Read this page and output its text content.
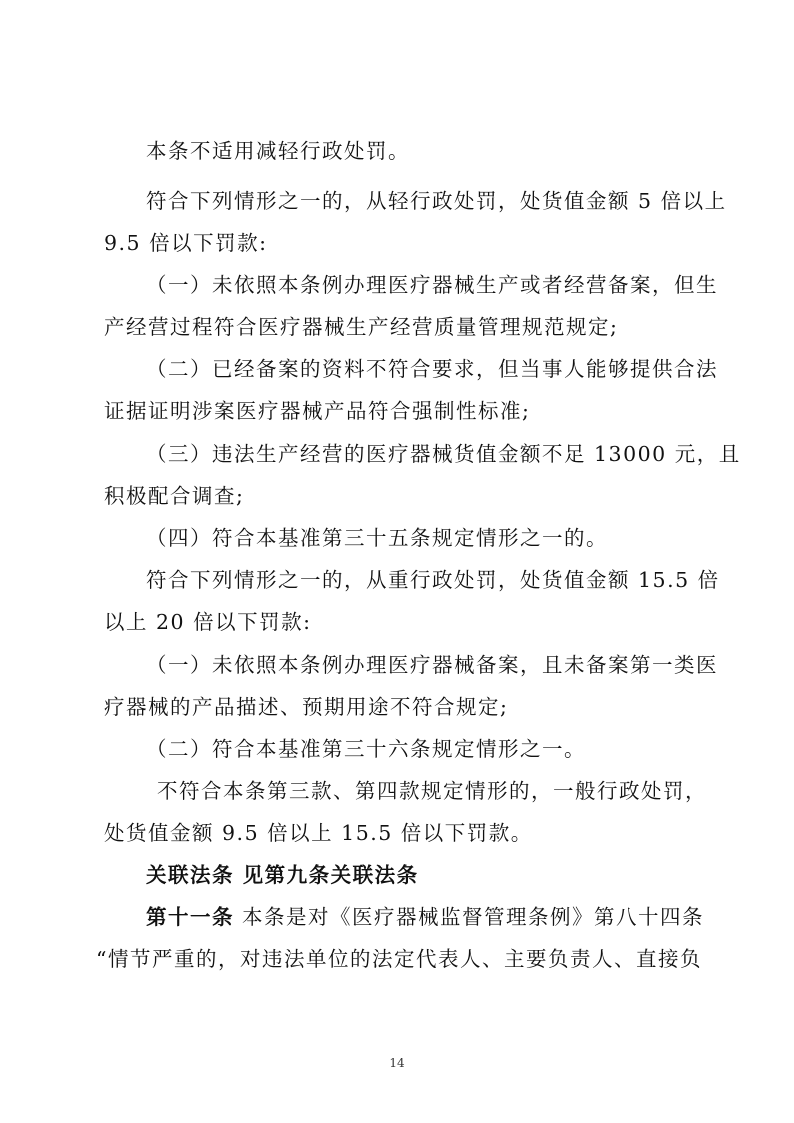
本条不适用减轻行政处罚。
符合下列情形之一的，从轻行政处罚，处货值金额 5 倍以上
9.5 倍以下罚款:
（一）未依照本条例办理医疗器械生产或者经营备案，但生
产经营过程符合医疗器械生产经营质量管理规范规定;
（二）已经备案的资料不符合要求，但当事人能够提供合法
证据证明涉案医疗器械产品符合强制性标准;
（三）违法生产经营的医疗器械货值金额不足 13000 元，且
积极配合调查;
（四）符合本基准第三十五条规定情形之一的。
符合下列情形之一的，从重行政处罚，处货值金额 15.5 倍
以上 20 倍以下罚款:
（一）未依照本条例办理医疗器械备案，且未备案第一类医
疗器械的产品描述、预期用途不符合规定;
（二）符合本基准第三十六条规定情形之一。
不符合本条第三款、第四款规定情形的，一般行政处罚，
处货值金额 9.5 倍以上 15.5 倍以下罚款。
关联法条 见第九条关联法条
第十一条 本条是对《医疗器械监督管理条例》第八十四条
“情节严重的，对违法单位的法定代表人、主要负责人、直接负
14
